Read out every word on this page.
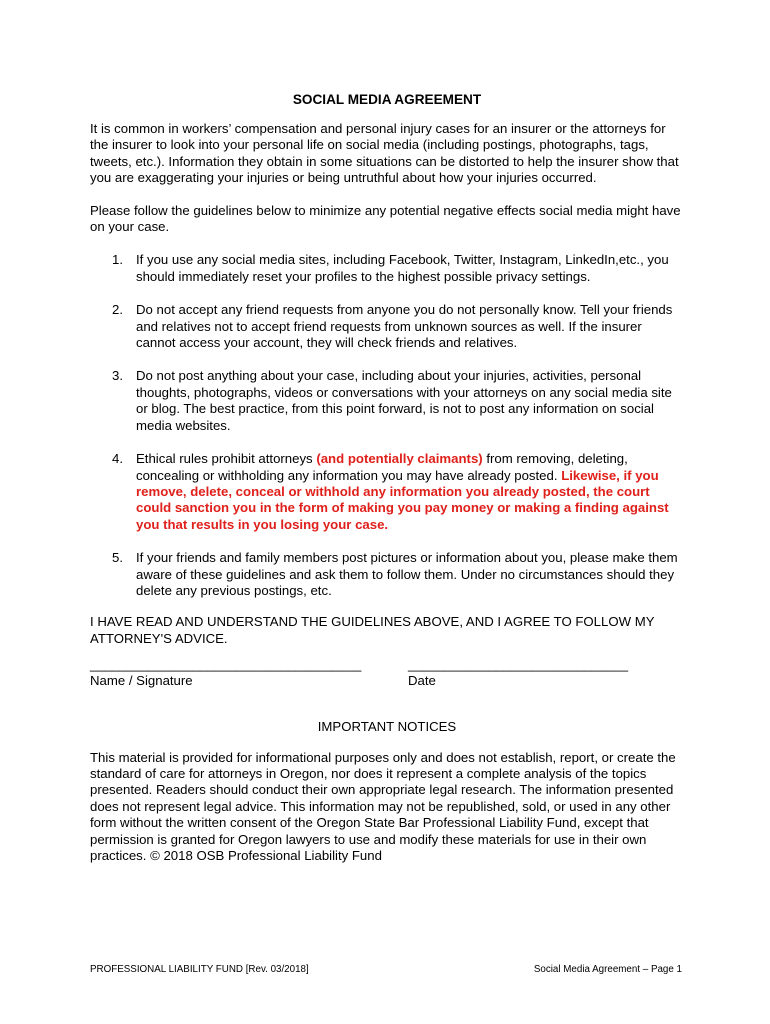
SOCIAL MEDIA AGREEMENT

It is common in workers’ compensation and personal injury cases for an insurer or the attorneys for the insurer to look into your personal life on social media (including postings, photographs, tags, tweets, etc.). Information they obtain in some situations can be distorted to help the insurer show that you are exaggerating your injuries or being untruthful about how your injuries occurred.

Please follow the guidelines below to minimize any potential negative effects social media might have on your case.

1. If you use any social media sites, including Facebook, Twitter, Instagram, LinkedIn,etc., you should immediately reset your profiles to the highest possible privacy settings.
2. Do not accept any friend requests from anyone you do not personally know. Tell your friends and relatives not to accept friend requests from unknown sources as well. If the insurer cannot access your account, they will check friends and relatives.
3. Do not post anything about your case, including about your injuries, activities, personal thoughts, photographs, videos or conversations with your attorneys on any social media site or blog. The best practice, from this point forward, is not to post any information on social media websites.
4. Ethical rules prohibit attorneys (and potentially claimants) from removing, deleting, concealing or withholding any information you may have already posted. Likewise, if you remove, delete, conceal or withhold any information you already posted, the court could sanction you in the form of making you pay money or making a finding against you that results in you losing your case.
5. If your friends and family members post pictures or information about you, please make them aware of these guidelines and ask them to follow them. Under no circumstances should they delete any previous postings, etc.

I HAVE READ AND UNDERSTAND THE GUIDELINES ABOVE, AND I AGREE TO FOLLOW MY ATTORNEY'S ADVICE.

_____________________________________
Name / Signature
______________________________
Date

IMPORTANT NOTICES

This material is provided for informational purposes only and does not establish, report, or create the standard of care for attorneys in Oregon, nor does it represent a complete analysis of the topics presented. Readers should conduct their own appropriate legal research. The information presented does not represent legal advice. This information may not be republished, sold, or used in any other form without the written consent of the Oregon State Bar Professional Liability Fund, except that permission is granted for Oregon lawyers to use and modify these materials for use in their own practices. © 2018 OSB Professional Liability Fund

PROFESSIONAL LIABILITY FUND [Rev. 03/2018]	Social Media Agreement – Page 1
